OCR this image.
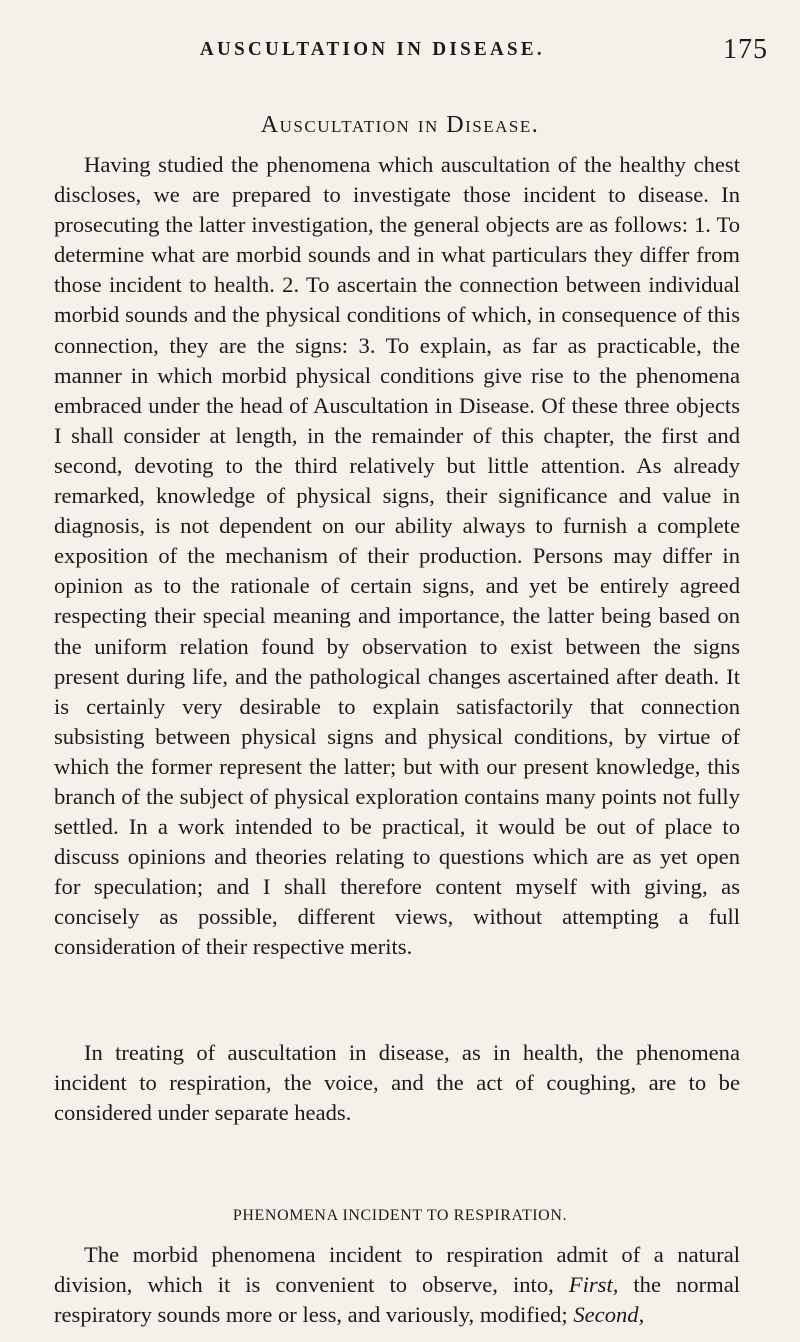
AUSCULTATION IN DISEASE.	175
Auscultation in Disease.

Having studied the phenomena which auscultation of the healthy chest discloses, we are prepared to investigate those incident to disease. In prosecuting the latter investigation, the general objects are as follows: 1. To determine what are morbid sounds and in what particulars they differ from those incident to health. 2. To ascertain the connection between individual morbid sounds and the physical conditions of which, in consequence of this connection, they are the signs: 3. To explain, as far as practicable, the manner in which morbid physical conditions give rise to the phenomena embraced under the head of Auscultation in Disease. Of these three objects I shall consider at length, in the remainder of this chapter, the first and second, devoting to the third relatively but little attention. As already remarked, knowledge of physical signs, their significance and value in diagnosis, is not dependent on our ability always to furnish a complete exposition of the mechanism of their production. Persons may differ in opinion as to the rationale of certain signs, and yet be entirely agreed respecting their special meaning and importance, the latter being based on the uniform relation found by observation to exist between the signs present during life, and the pathological changes ascertained after death. It is certainly very desirable to explain satisfactorily that connection subsisting between physical signs and physical conditions, by virtue of which the former represent the latter; but with our present knowledge, this branch of the subject of physical exploration contains many points not fully settled. In a work intended to be practical, it would be out of place to discuss opinions and theories relating to questions which are as yet open for speculation; and I shall therefore content myself with giving, as concisely as possible, different views, without attempting a full consideration of their respective merits.

In treating of auscultation in disease, as in health, the phenomena incident to respiration, the voice, and the act of coughing, are to be considered under separate heads.

PHENOMENA INCIDENT TO RESPIRATION.

The morbid phenomena incident to respiration admit of a natural division, which it is convenient to observe, into, First, the normal respiratory sounds more or less, and variously, modified; Second,
